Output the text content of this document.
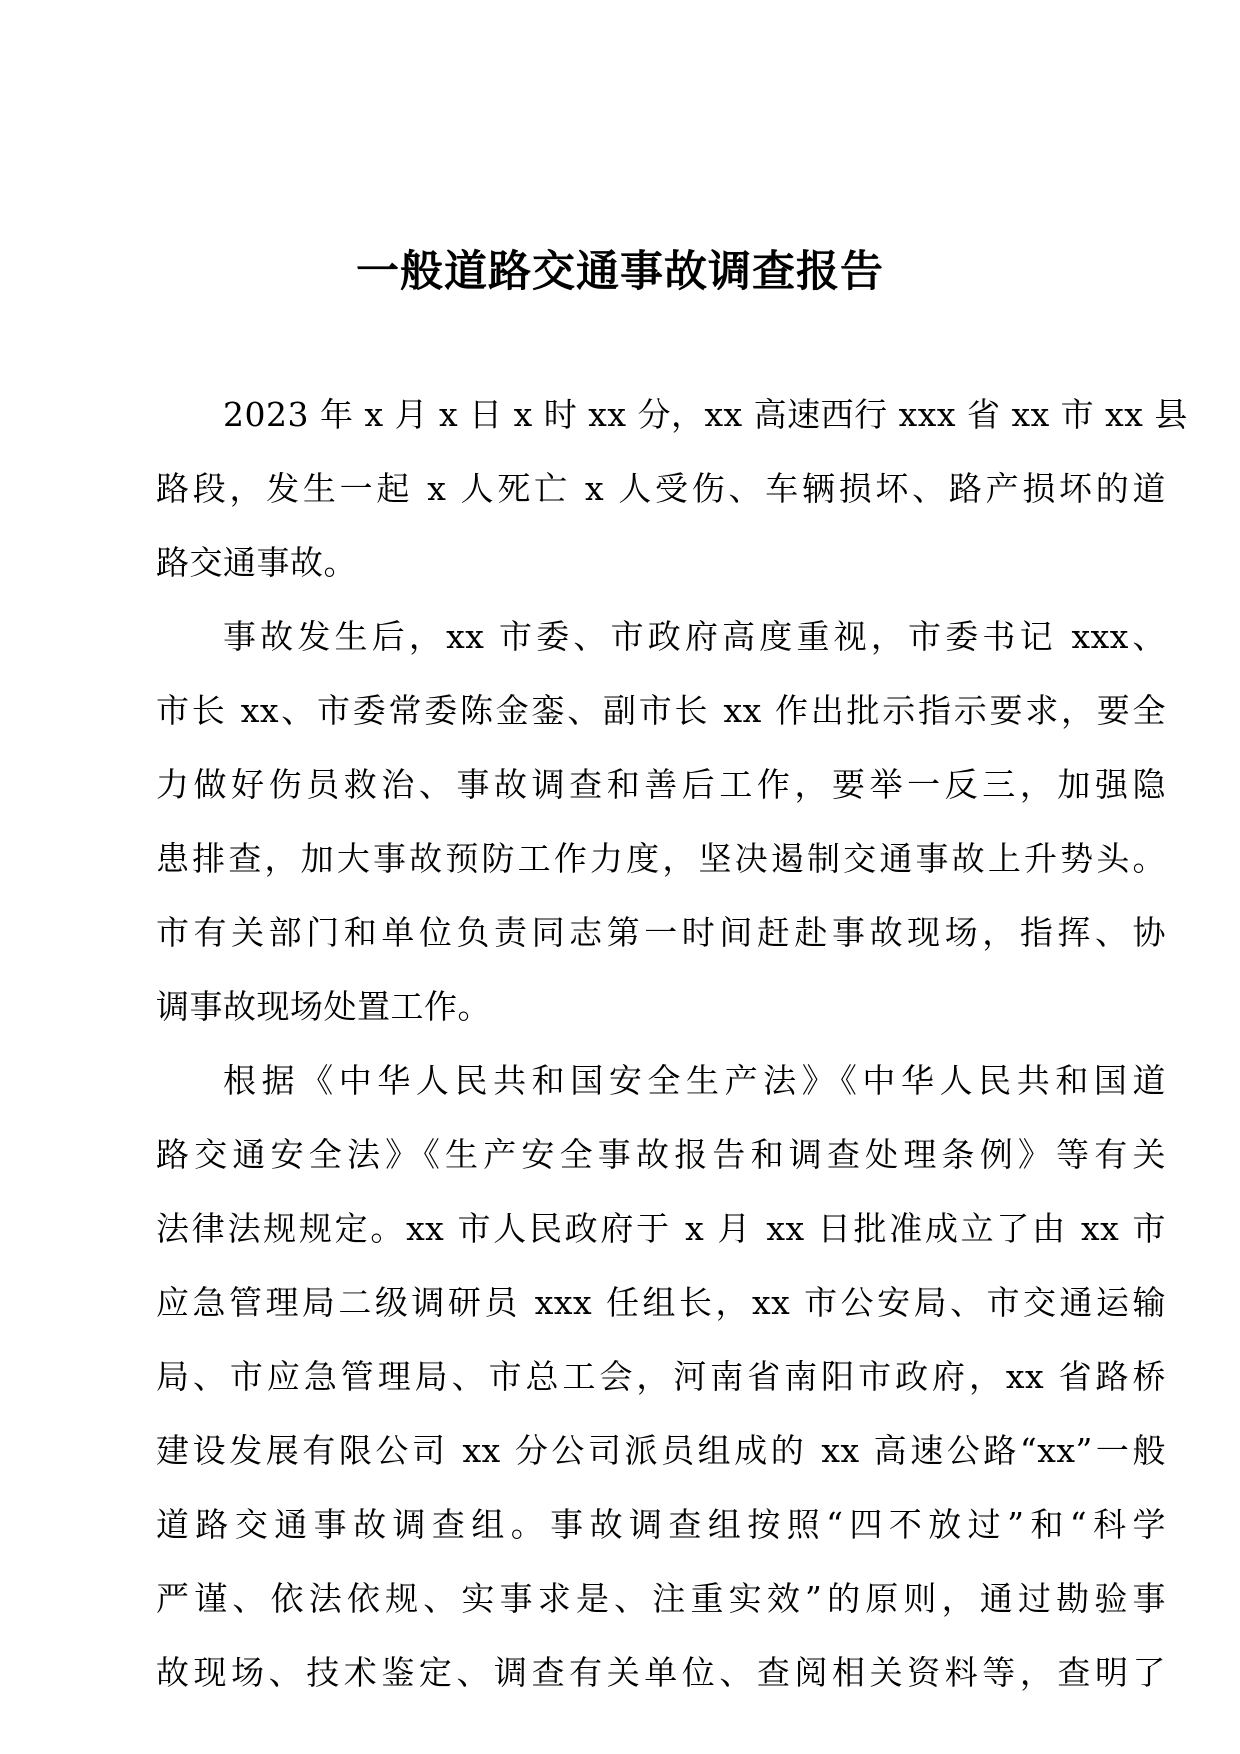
一般道路交通事故调查报告
2023 年 x 月 x 日 x 时 xx 分，xx 高速西行 xxx 省 xx 市 xx 县
路段，发生一起 x 人死亡 x 人受伤、车辆损坏、路产损坏的道
路交通事故。
事故发生后，xx 市委、市政府高度重视，市委书记 xxx、
市长 xx、市委常委陈金銮、副市长 xx 作出批示指示要求，要全
力做好伤员救治、事故调查和善后工作，要举一反三，加强隐
患排查，加大事故预防工作力度，坚决遏制交通事故上升势头。
市有关部门和单位负责同志第一时间赶赴事故现场，指挥、协
调事故现场处置工作。
根据《中华人民共和国安全生产法》《中华人民共和国道
路交通安全法》《生产安全事故报告和调查处理条例》等有关
法律法规规定。xx 市人民政府于 x 月 xx 日批准成立了由 xx 市
应急管理局二级调研员 xxx 任组长，xx 市公安局、市交通运输
局、市应急管理局、市总工会，河南省南阳市政府，xx 省路桥
建设发展有限公司 xx 分公司派员组成的 xx 高速公路“xx”一般
道路交通事故调查组。事故调查组按照“四不放过”和“科学
严谨、依法依规、实事求是、注重实效”的原则，通过勘验事
故现场、技术鉴定、调查有关单位、查阅相关资料等，查明了
